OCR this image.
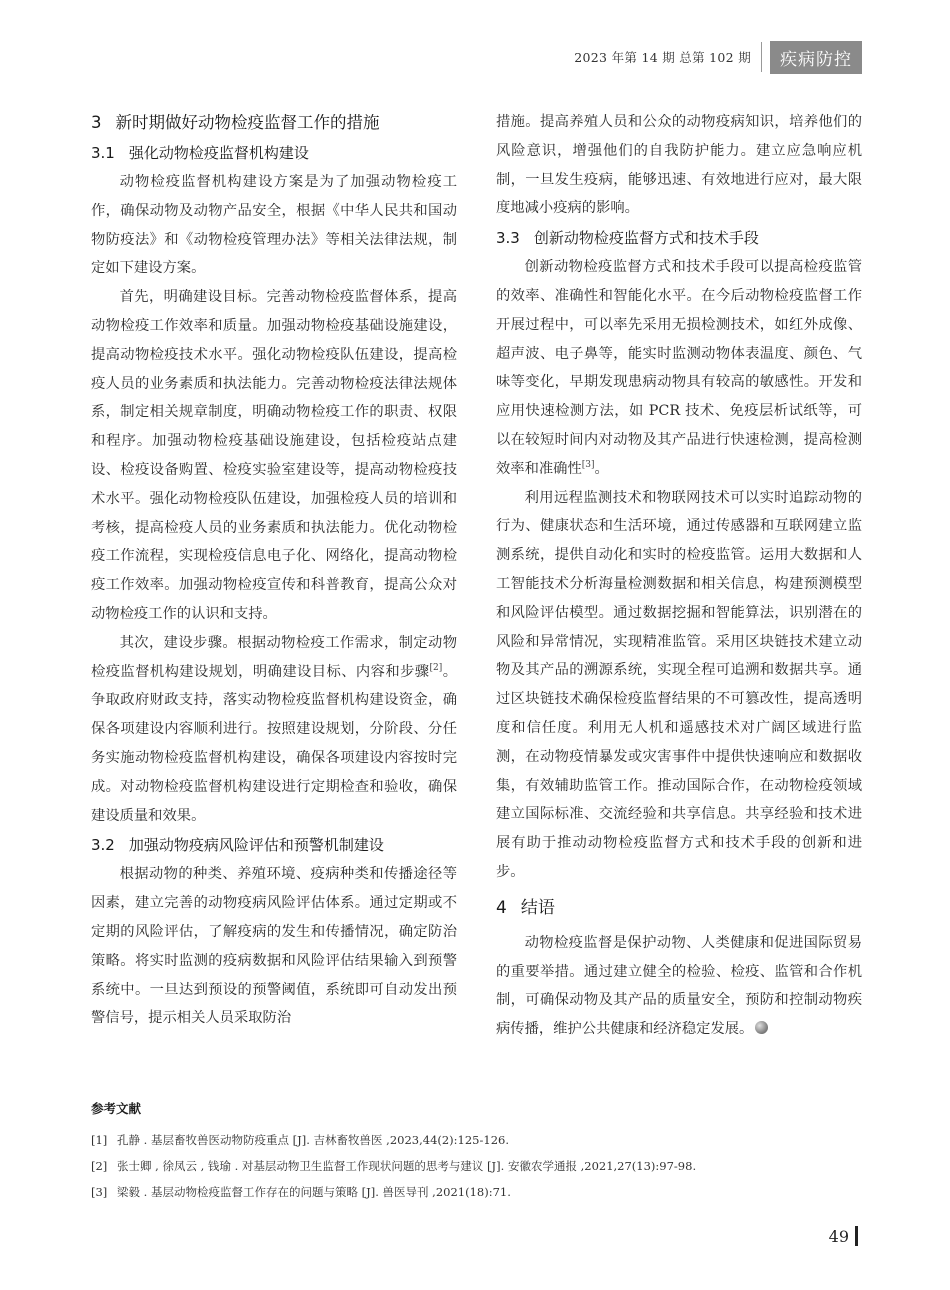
2023 年第 14 期 总第 102 期	疾病防控
3 新时期做好动物检疫监督工作的措施
3.1 强化动物检疫监督机构建设

动物检疫监督机构建设方案是为了加强动物检疫工作，确保动物及动物产品安全，根据《中华人民共和国动物防疫法》和《动物检疫管理办法》等相关法律法规，制定如下建设方案。

首先，明确建设目标。完善动物检疫监督体系，提高动物检疫工作效率和质量。加强动物检疫基础设施建设，提高动物检疫技术水平。强化动物检疫队伍建设，提高检疫人员的业务素质和执法能力。完善动物检疫法律法规体系，制定相关规章制度，明确动物检疫工作的职责、权限和程序。加强动物检疫基础设施建设，包括检疫站点建设、检疫设备购置、检疫实验室建设等，提高动物检疫技术水平。强化动物检疫队伍建设，加强检疫人员的培训和考核，提高检疫人员的业务素质和执法能力。优化动物检疫工作流程，实现检疫信息电子化、网络化，提高动物检疫工作效率。加强动物检疫宣传和科普教育，提高公众对动物检疫工作的认识和支持。

其次，建设步骤。根据动物检疫工作需求，制定动物检疫监督机构建设规划，明确建设目标、内容和步骤[2]。争取政府财政支持，落实动物检疫监督机构建设资金，确保各项建设内容顺利进行。按照建设规划，分阶段、分任务实施动物检疫监督机构建设，确保各项建设内容按时完成。对动物检疫监督机构建设进行定期检查和验收，确保建设质量和效果。

3.2 加强动物疫病风险评估和预警机制建设

根据动物的种类、养殖环境、疫病种类和传播途径等因素，建立完善的动物疫病风险评估体系。通过定期或不定期的风险评估，了解疫病的发生和传播情况，确定防治策略。将实时监测的疫病数据和风险评估结果输入到预警系统中。一旦达到预设的预警阈值，系统即可自动发出预警信号，提示相关人员采取防治

措施。提高养殖人员和公众的动物疫病知识，培养他们的风险意识，增强他们的自我防护能力。建立应急响应机制，一旦发生疫病，能够迅速、有效地进行应对，最大限度地减小疫病的影响。

3.3 创新动物检疫监督方式和技术手段

创新动物检疫监督方式和技术手段可以提高检疫监管的效率、准确性和智能化水平。在今后动物检疫监督工作开展过程中，可以率先采用无损检测技术，如红外成像、超声波、电子鼻等，能实时监测动物体表温度、颜色、气味等变化，早期发现患病动物具有较高的敏感性。开发和应用快速检测方法，如 PCR 技术、免疫层析试纸等，可以在较短时间内对动物及其产品进行快速检测，提高检测效率和准确性[3]。

利用远程监测技术和物联网技术可以实时追踪动物的行为、健康状态和生活环境，通过传感器和互联网建立监测系统，提供自动化和实时的检疫监管。运用大数据和人工智能技术分析海量检测数据和相关信息，构建预测模型和风险评估模型。通过数据挖掘和智能算法，识别潜在的风险和异常情况，实现精准监管。采用区块链技术建立动物及其产品的溯源系统，实现全程可追溯和数据共享。通过区块链技术确保检疫监督结果的不可篡改性，提高透明度和信任度。利用无人机和遥感技术对广阔区域进行监测，在动物疫情暴发或灾害事件中提供快速响应和数据收集，有效辅助监管工作。推动国际合作，在动物检疫领域建立国际标准、交流经验和共享信息。共享经验和技术进展有助于推动动物检疫监督方式和技术手段的创新和进步。

4 结语

动物检疫监督是保护动物、人类健康和促进国际贸易的重要举措。通过建立健全的检验、检疫、监管和合作机制，可确保动物及其产品的质量安全，预防和控制动物疾病传播，维护公共健康和经济稳定发展。

参考文献
[1] 孔静 . 基层畜牧兽医动物防疫重点 [J]. 吉林畜牧兽医 ,2023,44(2):125-126.
[2] 张士卿 , 徐凤云 , 钱瑜 . 对基层动物卫生监督工作现状问题的思考与建议 [J]. 安徽农学通报 ,2021,27(13):97-98.
[3] 梁毅 . 基层动物检疫监督工作存在的问题与策略 [J]. 兽医导刊 ,2021(18):71.
49
